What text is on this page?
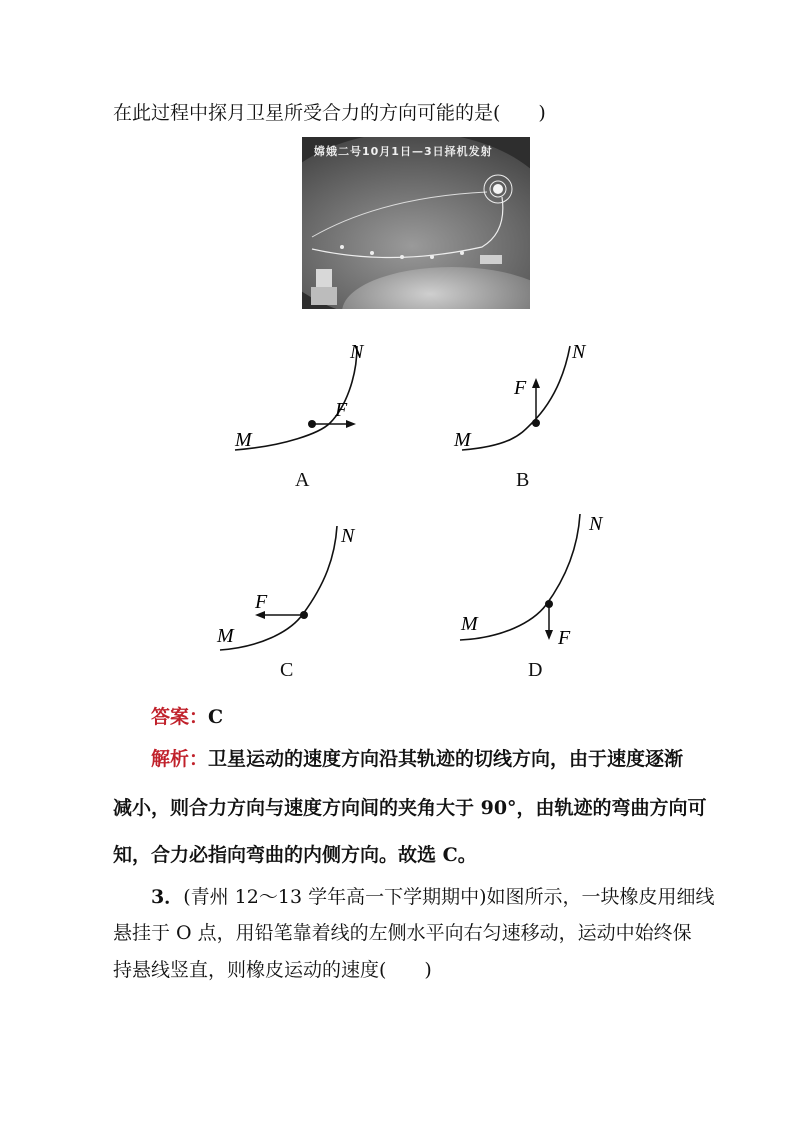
在此过程中探月卫星所受合力的方向可能的是(　　)
嫦娥二号10月1日—3日择机发射
M
N
F
A
M
N
F
B
M
N
F
C
M
N
F
D
答案：C
解析：卫星运动的速度方向沿其轨迹的切线方向，由于速度逐渐
减小，则合力方向与速度方向间的夹角大于 90°，由轨迹的弯曲方向可
知，合力必指向弯曲的内侧方向。故选 C。
3．(青州 12～13 学年高一下学期期中)如图所示，一块橡皮用细线
悬挂于 O 点，用铅笔靠着线的左侧水平向右匀速移动，运动中始终保
持悬线竖直，则橡皮运动的速度(　　)
